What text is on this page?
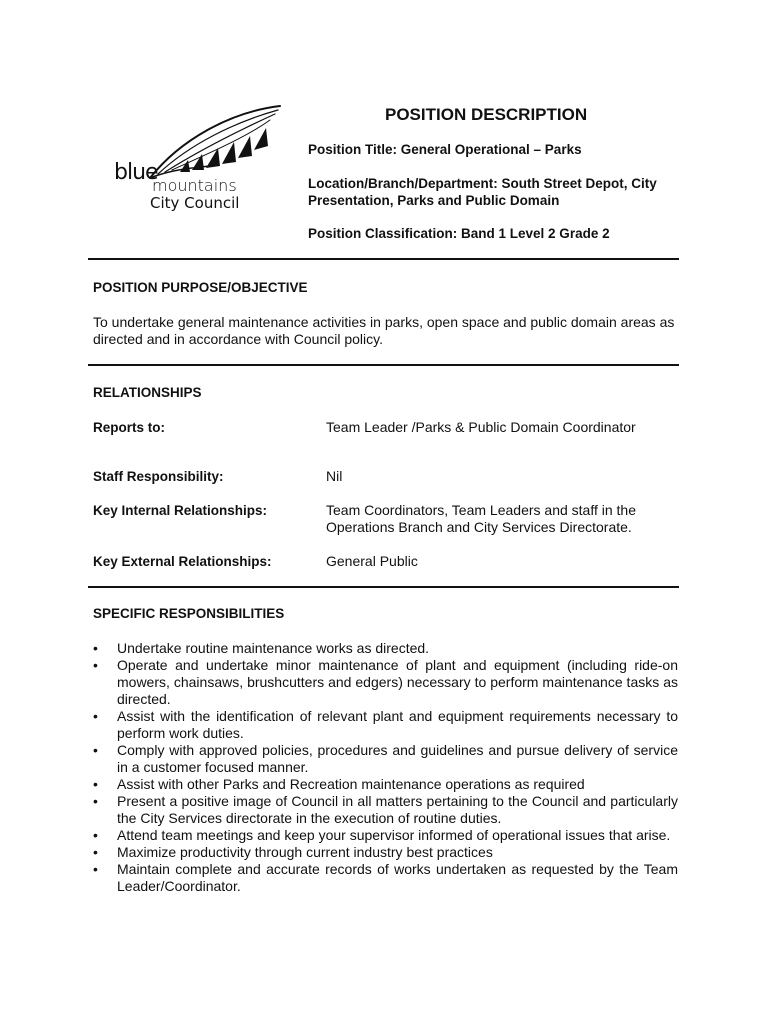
blue
mountains
City Council
POSITION DESCRIPTION
Position Title: General Operational – Parks
Location/Branch/Department: South Street Depot, City Presentation, Parks and Public Domain
Position Classification: Band 1 Level 2 Grade 2
POSITION PURPOSE/OBJECTIVE
To undertake general maintenance activities in parks, open space and public domain areas as directed and in accordance with Council policy.
RELATIONSHIPS
Reports to:	Team Leader /Parks & Public Domain Coordinator
Staff Responsibility:	Nil
Key Internal Relationships:	Team Coordinators, Team Leaders and staff in the Operations Branch and City Services Directorate.
Key External Relationships:	General Public
SPECIFIC RESPONSIBILITIES
• Undertake routine maintenance works as directed.
• Operate and undertake minor maintenance of plant and equipment (including ride-on mowers, chainsaws, brushcutters and edgers) necessary to perform maintenance tasks as directed.
• Assist with the identification of relevant plant and equipment requirements necessary to perform work duties.
• Comply with approved policies, procedures and guidelines and pursue delivery of service in a customer focused manner.
• Assist with other Parks and Recreation maintenance operations as required
• Present a positive image of Council in all matters pertaining to the Council and particularly the City Services directorate in the execution of routine duties.
• Attend team meetings and keep your supervisor informed of operational issues that arise.
• Maximize productivity through current industry best practices
• Maintain complete and accurate records of works undertaken as requested by the Team Leader/Coordinator.
